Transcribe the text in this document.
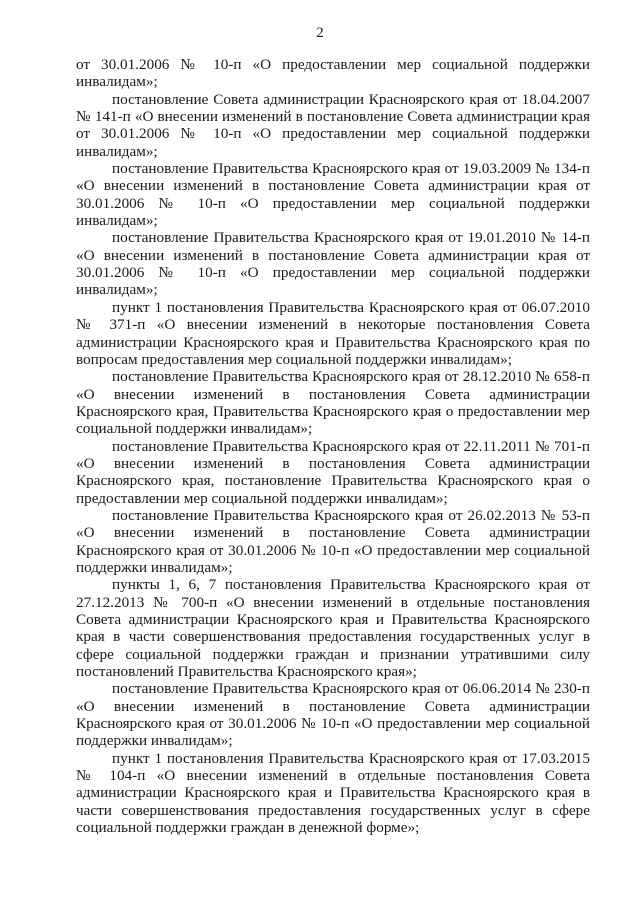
2

от 30.01.2006 № 10-п «О предоставлении мер социальной поддержки инвалидам»;

постановление Совета администрации Красноярского края от 18.04.2007 № 141-п «О внесении изменений в постановление Совета администрации края от 30.01.2006 № 10-п «О предоставлении мер социальной поддержки инвалидам»;

постановление Правительства Красноярского края от 19.03.2009 № 134-п «О внесении изменений в постановление Совета администрации края от 30.01.2006 № 10-п «О предоставлении мер социальной поддержки инвалидам»;

постановление Правительства Красноярского края от 19.01.2010 № 14-п «О внесении изменений в постановление Совета администрации края от 30.01.2006 № 10-п «О предоставлении мер социальной поддержки инвалидам»;

пункт 1 постановления Правительства Красноярского края от 06.07.2010 № 371-п «О внесении изменений в некоторые постановления Совета администрации Красноярского края и Правительства Красноярского края по вопросам предоставления мер социальной поддержки инвалидам»;

постановление Правительства Красноярского края от 28.12.2010 № 658-п «О внесении изменений в постановления Совета администрации Красноярского края, Правительства Красноярского края о предоставлении мер социальной поддержки инвалидам»;

постановление Правительства Красноярского края от 22.11.2011 № 701-п «О внесении изменений в постановления Совета администрации Красноярского края, постановление Правительства Красноярского края о предоставлении мер социальной поддержки инвалидам»;

постановление Правительства Красноярского края от 26.02.2013 № 53-п «О внесении изменений в постановление Совета администрации Красноярского края от 30.01.2006 № 10-п «О предоставлении мер социальной поддержки инвалидам»;

пункты 1, 6, 7 постановления Правительства Красноярского края от 27.12.2013 № 700-п «О внесении изменений в отдельные постановления Совета администрации Красноярского края и Правительства Красноярского края в части совершенствования предоставления государственных услуг в сфере социальной поддержки граждан и признании утратившими силу постановлений Правительства Красноярского края»;

постановление Правительства Красноярского края от 06.06.2014 № 230-п «О внесении изменений в постановление Совета администрации Красноярского края от 30.01.2006 № 10-п «О предоставлении мер социальной поддержки инвалидам»;

пункт 1 постановления Правительства Красноярского края от 17.03.2015 № 104-п «О внесении изменений в отдельные постановления Совета администрации Красноярского края и Правительства Красноярского края в части совершенствования предоставления государственных услуг в сфере социальной поддержки граждан в денежной форме»;
